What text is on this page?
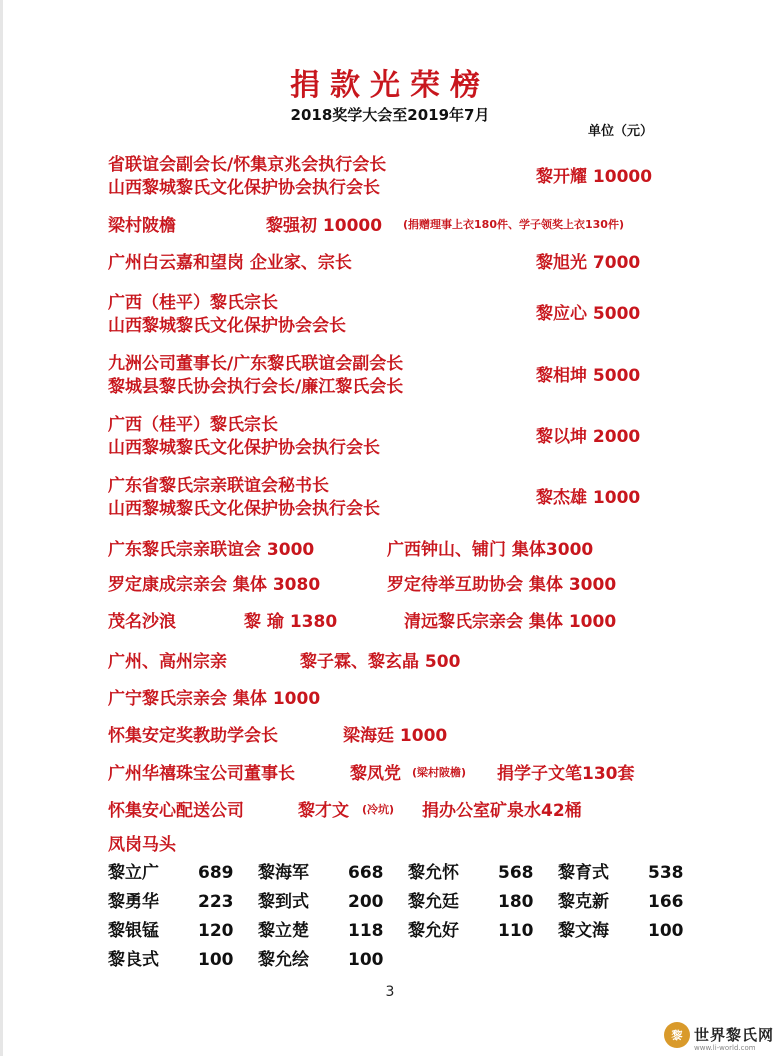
捐款光荣榜
2018奖学大会至2019年7月
单位（元）
省联谊会副会长/怀集京兆会执行会长
山西黎城黎氏文化保护协会执行会长
黎开耀 10000
梁村陂檐	黎强初 10000 (捐赠理事上衣180件、学子领奖上衣130件)
广州白云嘉和望岗 企业家、宗长	黎旭光 7000
广西（桂平）黎氏宗长
山西黎城黎氏文化保护协会会长
黎应心 5000
九洲公司董事长/广东黎氏联谊会副会长
黎城县黎氏协会执行会长/廉江黎氏会长
黎相坤 5000
广西（桂平）黎氏宗长
山西黎城黎氏文化保护协会执行会长
黎以坤 2000
广东省黎氏宗亲联谊会秘书长
山西黎城黎氏文化保护协会执行会长
黎杰雄 1000
广东黎氏宗亲联谊会 3000	广西钟山、铺门 集体3000
罗定康成宗亲会 集体 3080	罗定待举互助协会 集体 3000
茂名沙浪	黎 瑜 1380	清远黎氏宗亲会 集体 1000
广州、高州宗亲	黎子霖、黎玄晶 500
广宁黎氏宗亲会 集体 1000
怀集安定奖教助学会长	梁海廷 1000
广州华禧珠宝公司董事长	黎凤党 (梁村陂檐) 捐学子文笔130套
怀集安心配送公司	黎才文 (冷坑) 捐办公室矿泉水42桶
凤岗马头
黎立广 689 黎海军 668 黎允怀 568 黎育式 538
黎勇华 223 黎到式 200 黎允廷 180 黎克新 166
黎银锰 120 黎立楚 118 黎允好 110 黎文海 100
黎良式 100 黎允绘 100
3
黎 世界黎氏网
www.li-world.com
